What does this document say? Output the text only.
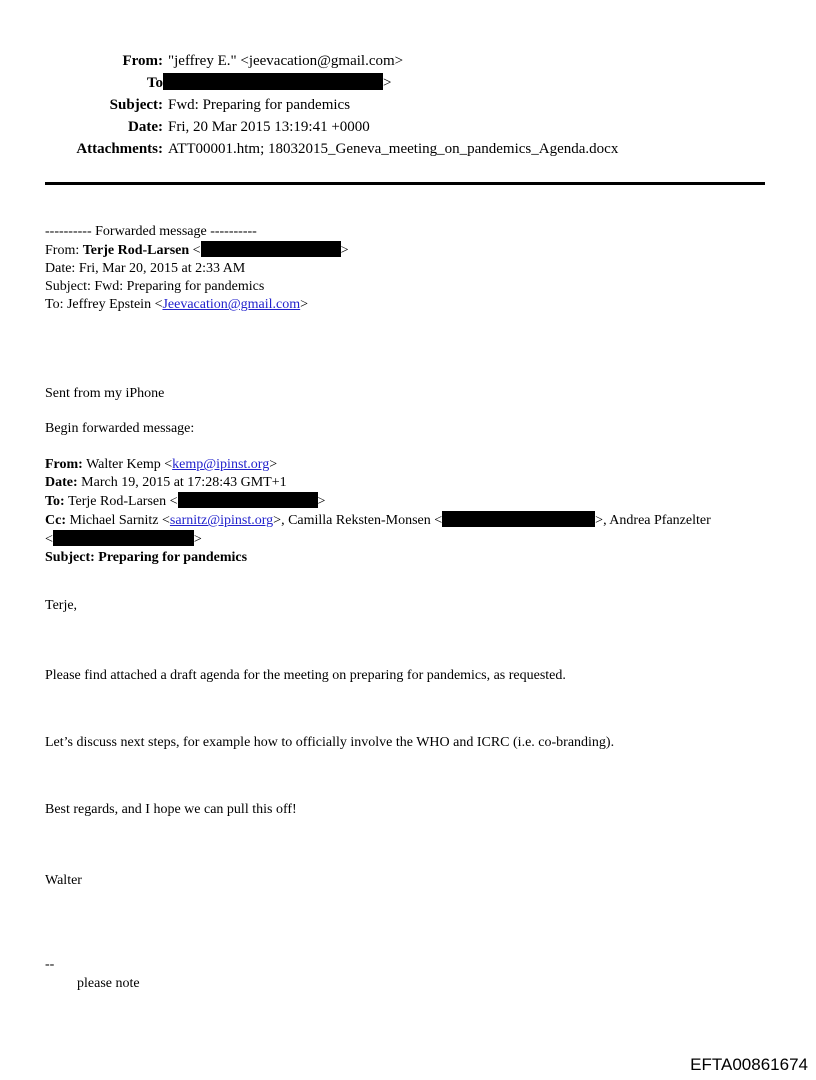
From: "jeffrey E." <jeevacation@gmail.com>
To	>
Subject: Fwd: Preparing for pandemics
Date: Fri, 20 Mar 2015 13:19:41 +0000
Attachments: ATT00001.htm; 18032015_Geneva_meeting_on_pandemics_Agenda.docx
---------- Forwarded message ----------
From: Terje Rod-Larsen <	>
Date: Fri, Mar 20, 2015 at 2:33 AM
Subject: Fwd: Preparing for pandemics
To: Jeffrey Epstein <Jeevacation@gmail.com>
Sent from my iPhone
Begin forwarded message:
From: Walter Kemp <kemp@ipinst.org>
Date: March 19, 2015 at 17:28:43 GMT+1
To: Terje Rod-Larsen <	>
Cc: Michael Sarnitz <sarnitz@ipinst.org>, Camilla Reksten-Monsen <	>, Andrea Pfanzelter
<	>
Subject: Preparing for pandemics
Terje,
Please find attached a draft agenda for the meeting on preparing for pandemics, as requested.
Let’s discuss next steps, for example how to officially involve the WHO and ICRC (i.e. co-branding).
Best regards, and I hope we can pull this off!
Walter
--
please note
EFTA00861674
